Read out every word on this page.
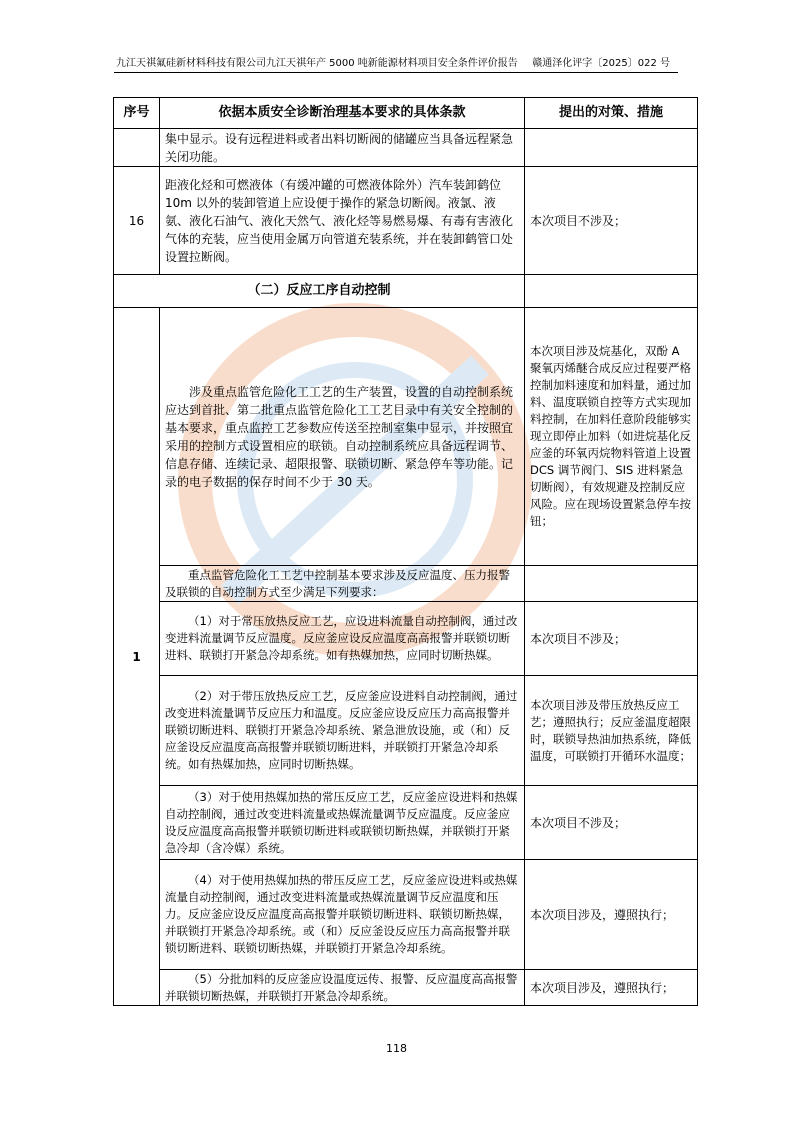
九江天祺氟硅新材料科技有限公司九江天祺年产 5000 吨新能源材料项目安全条件评价报告 赣通泽化评字〔2025〕022 号
序号	依据本质安全诊断治理基本要求的具体条款	提出的对策、措施
	集中显示。设有远程进料或者出料切断阀的储罐应当具备远程紧急关闭功能。	
16	距液化烃和可燃液体（有缓冲罐的可燃液体除外）汽车装卸鹤位 10m 以外的装卸管道上应设便于操作的紧急切断阀。液氯、液氨、液化石油气、液化天然气、液化烃等易燃易爆、有毒有害液化气体的充装，应当使用金属万向管道充装系统，并在装卸鹤管口处设置拉断阀。	本次项目不涉及；
（二）反应工序自动控制		
1	涉及重点监管危险化工工艺的生产装置，设置的自动控制系统应达到首批、第二批重点监管危险化工工艺目录中有关安全控制的基本要求，重点监控工艺参数应传送至控制室集中显示，并按照宜采用的控制方式设置相应的联锁。自动控制系统应具备远程调节、信息存储、连续记录、超限报警、联锁切断、紧急停车等功能。记录的电子数据的保存时间不少于 30 天。	本次项目涉及烷基化，双酚 A 聚氧丙烯醚合成反应过程要严格控制加料速度和加料量，通过加料、温度联锁自控等方式实现加料控制，在加料任意阶段能够实现立即停止加料（如进烷基化反应釜的环氧丙烷物料管道上设置 DCS 调节阀门、SIS 进料紧急切断阀），有效规避及控制反应风险。应在现场设置紧急停车按钮；
	重点监管危险化工工艺中控制基本要求涉及反应温度、压力报警及联锁的自动控制方式至少满足下列要求：	
	（1）对于常压放热反应工艺，应设进料流量自动控制阀，通过改变进料流量调节反应温度。反应釜应设反应温度高高报警并联锁切断进料、联锁打开紧急冷却系统。如有热媒加热，应同时切断热媒。	本次项目不涉及；
	（2）对于带压放热反应工艺，反应釜应设进料自动控制阀，通过改变进料流量调节反应压力和温度。反应釜应设反应压力高高报警并联锁切断进料、联锁打开紧急冷却系统、紧急泄放设施，或（和）反应釜设反应温度高高报警并联锁切断进料，并联锁打开紧急冷却系统。如有热媒加热，应同时切断热媒。	本次项目涉及带压放热反应工艺；遵照执行；反应釜温度超限时，联锁导热油加热系统，降低温度，可联锁打开循环水温度；
	（3）对于使用热媒加热的常压反应工艺，反应釜应设进料和热媒自动控制阀，通过改变进料流量或热媒流量调节反应温度。反应釜应设反应温度高高报警并联锁切断进料或联锁切断热媒，并联锁打开紧急冷却（含冷媒）系统。	本次项目不涉及；
	（4）对于使用热媒加热的带压反应工艺，反应釜应设进料或热媒流量自动控制阀，通过改变进料流量或热媒流量调节反应温度和压力。反应釜应设反应温度高高报警并联锁切断进料、联锁切断热媒，并联锁打开紧急冷却系统。或（和）反应釜设反应压力高高报警并联锁切断进料、联锁切断热媒，并联锁打开紧急冷却系统。	本次项目涉及，遵照执行；
	（5）分批加料的反应釜应设温度远传、报警、反应温度高高报警并联锁切断热媒，并联锁打开紧急冷却系统。	本次项目涉及，遵照执行；
118
